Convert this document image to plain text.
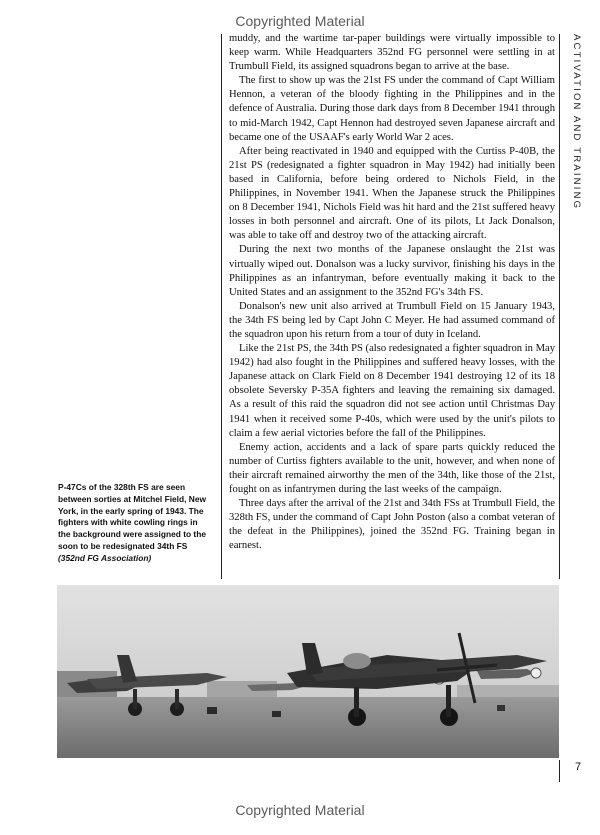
Copyrighted Material
ACTIVATION AND TRAINING

muddy, and the wartime tar-paper buildings were virtually impossible to keep warm. While Headquarters 352nd FG personnel were settling in at Trumbull Field, its assigned squadrons began to arrive at the base.

The first to show up was the 21st FS under the command of Capt William Hennon, a veteran of the bloody fighting in the Philippines and in the defence of Australia. During those dark days from 8 December 1941 through to mid-March 1942, Capt Hennon had destroyed seven Japanese aircraft and became one of the USAAF's early World War 2 aces.

After being reactivated in 1940 and equipped with the Curtiss P-40B, the 21st PS (redesignated a fighter squadron in May 1942) had initially been based in California, before being ordered to Nichols Field, in the Philippines, in November 1941. When the Japanese struck the Philippines on 8 December 1941, Nichols Field was hit hard and the 21st suffered heavy losses in both personnel and aircraft. One of its pilots, Lt Jack Donalson, was able to take off and destroy two of the attacking aircraft.

During the next two months of the Japanese onslaught the 21st was virtually wiped out. Donalson was a lucky survivor, finishing his days in the Philippines as an infantryman, before eventually making it back to the United States and an assignment to the 352nd FG's 34th FS.

Donalson's new unit also arrived at Trumbull Field on 15 January 1943, the 34th FS being led by Capt John C Meyer. He had assumed command of the squadron upon his return from a tour of duty in Iceland.

Like the 21st PS, the 34th PS (also redesignated a fighter squadron in May 1942) had also fought in the Philippines and suffered heavy losses, with the Japanese attack on Clark Field on 8 December 1941 destroying 12 of its 18 obsolete Seversky P-35A fighters and leaving the remaining six damaged. As a result of this raid the squadron did not see action until Christmas Day 1941 when it received some P-40s, which were used by the unit's pilots to claim a few aerial victories before the fall of the Philippines.

Enemy action, accidents and a lack of spare parts quickly reduced the number of Curtiss fighters available to the unit, however, and when none of their aircraft remained airworthy the men of the 34th, like those of the 21st, fought on as infantrymen during the last weeks of the campaign.

Three days after the arrival of the 21st and 34th FSs at Trumbull Field, the 328th FS, under the command of Capt John Poston (also a combat veteran of the defeat in the Philippines), joined the 352nd FG. Training began in earnest.

P-47Cs of the 328th FS are seen between sorties at Mitchel Field, New York, in the early spring of 1943. The fighters with white cowling rings in the background were assigned to the soon to be redesignated 34th FS (352nd FG Association)
7
Copyrighted Material
